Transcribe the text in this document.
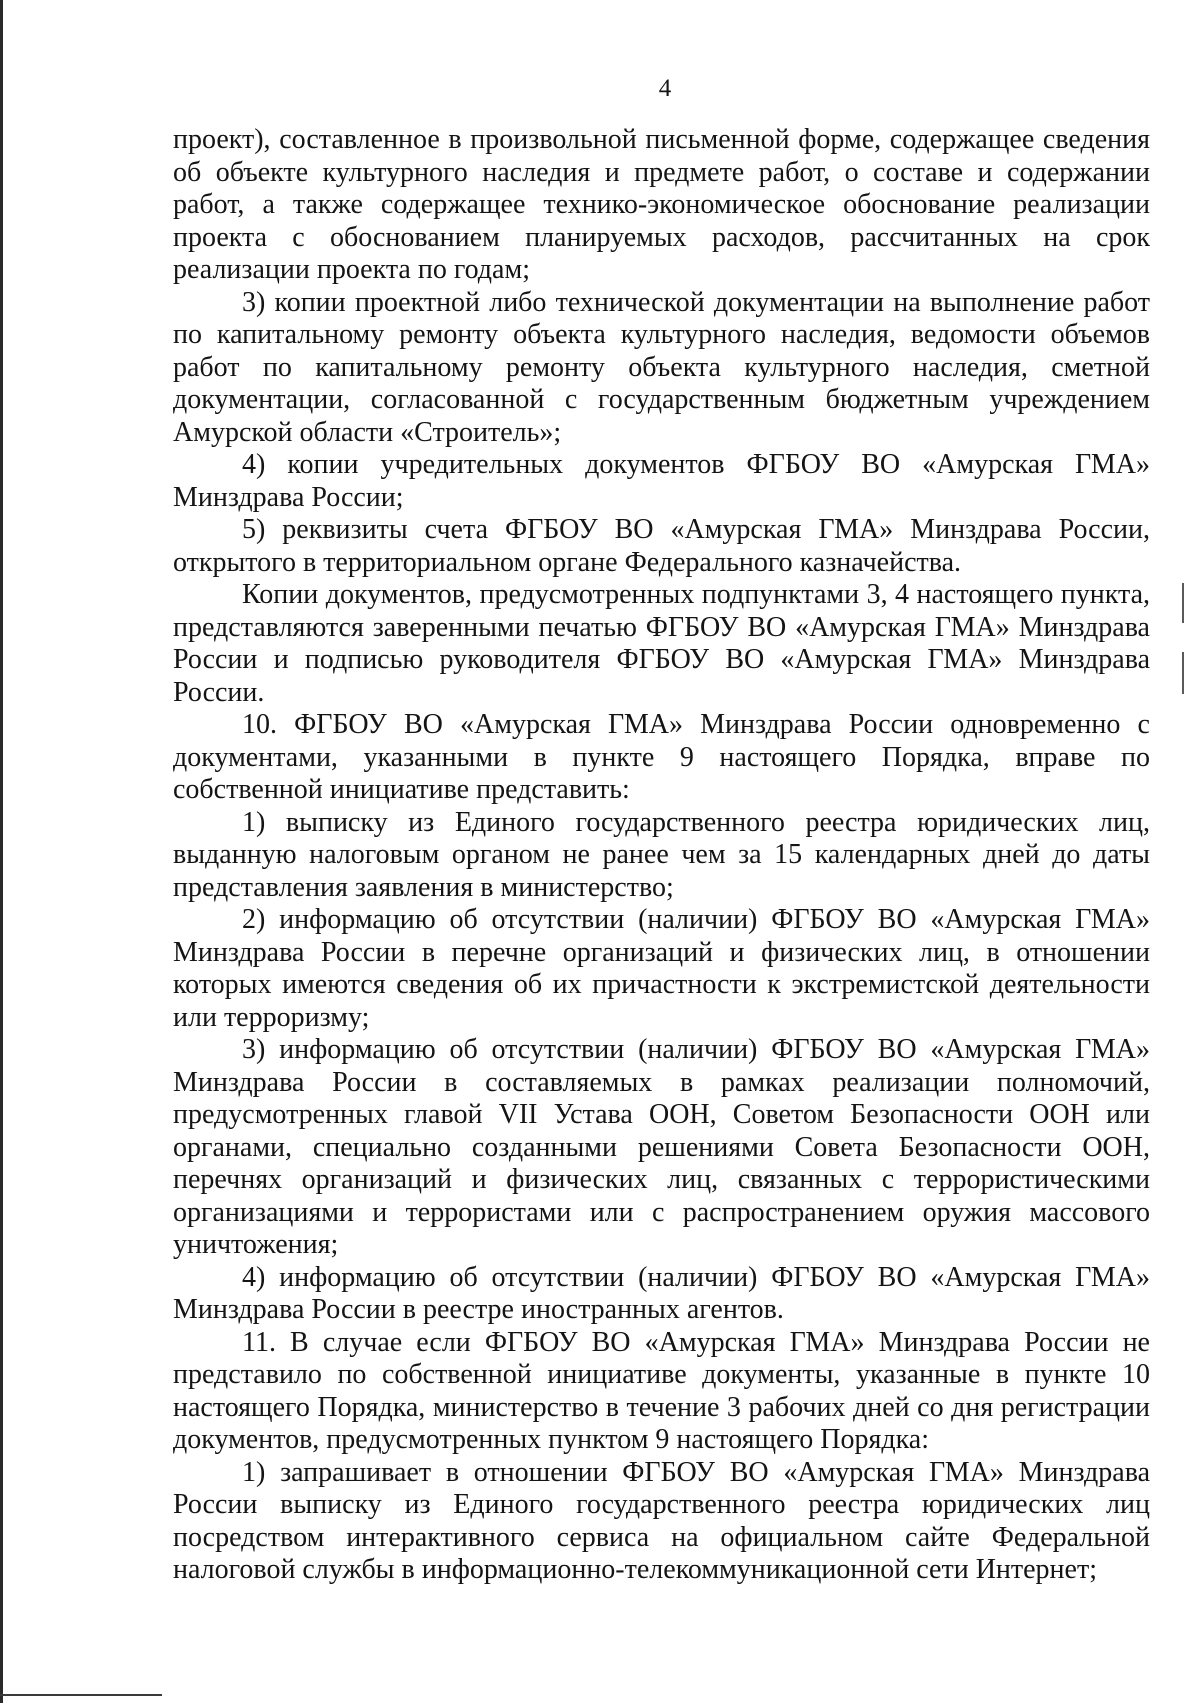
4

проект), составленное в произвольной письменной форме, содержащее сведения об объекте культурного наследия и предмете работ, о составе и содержании работ, а также содержащее технико-экономическое обоснование реализации проекта с обоснованием планируемых расходов, рассчитанных на срок реализации проекта по годам;

3) копии проектной либо технической документации на выполнение работ по капитальному ремонту объекта культурного наследия, ведомости объемов работ по капитальному ремонту объекта культурного наследия, сметной документации, согласованной с государственным бюджетным учреждением Амурской области «Строитель»;

4) копии учредительных документов ФГБОУ ВО «Амурская ГМА» Минздрава России;

5) реквизиты счета ФГБОУ ВО «Амурская ГМА» Минздрава России, открытого в территориальном органе Федерального казначейства.

Копии документов, предусмотренных подпунктами 3, 4 настоящего пункта, представляются заверенными печатью ФГБОУ ВО «Амурская ГМА» Минздрава России и подписью руководителя ФГБОУ ВО «Амурская ГМА» Минздрава России.

10. ФГБОУ ВО «Амурская ГМА» Минздрава России одновременно с документами, указанными в пункте 9 настоящего Порядка, вправе по собственной инициативе представить:

1) выписку из Единого государственного реестра юридических лиц, выданную налоговым органом не ранее чем за 15 календарных дней до даты представления заявления в министерство;

2) информацию об отсутствии (наличии) ФГБОУ ВО «Амурская ГМА» Минздрава России в перечне организаций и физических лиц, в отношении которых имеются сведения об их причастности к экстремистской деятельности или терроризму;

3) информацию об отсутствии (наличии) ФГБОУ ВО «Амурская ГМА» Минздрава России в составляемых в рамках реализации полномочий, предусмотренных главой VII Устава ООН, Советом Безопасности ООН или органами, специально созданными решениями Совета Безопасности ООН, перечнях организаций и физических лиц, связанных с террористическими организациями и террористами или с распространением оружия массового уничтожения;

4) информацию об отсутствии (наличии) ФГБОУ ВО «Амурская ГМА» Минздрава России в реестре иностранных агентов.

11. В случае если ФГБОУ ВО «Амурская ГМА» Минздрава России не представило по собственной инициативе документы, указанные в пункте 10 настоящего Порядка, министерство в течение 3 рабочих дней со дня регистрации документов, предусмотренных пунктом 9 настоящего Порядка:

1) запрашивает в отношении ФГБОУ ВО «Амурская ГМА» Минздрава России выписку из Единого государственного реестра юридических лиц посредством интерактивного сервиса на официальном сайте Федеральной налоговой службы в информационно-телекоммуникационной сети Интернет;
